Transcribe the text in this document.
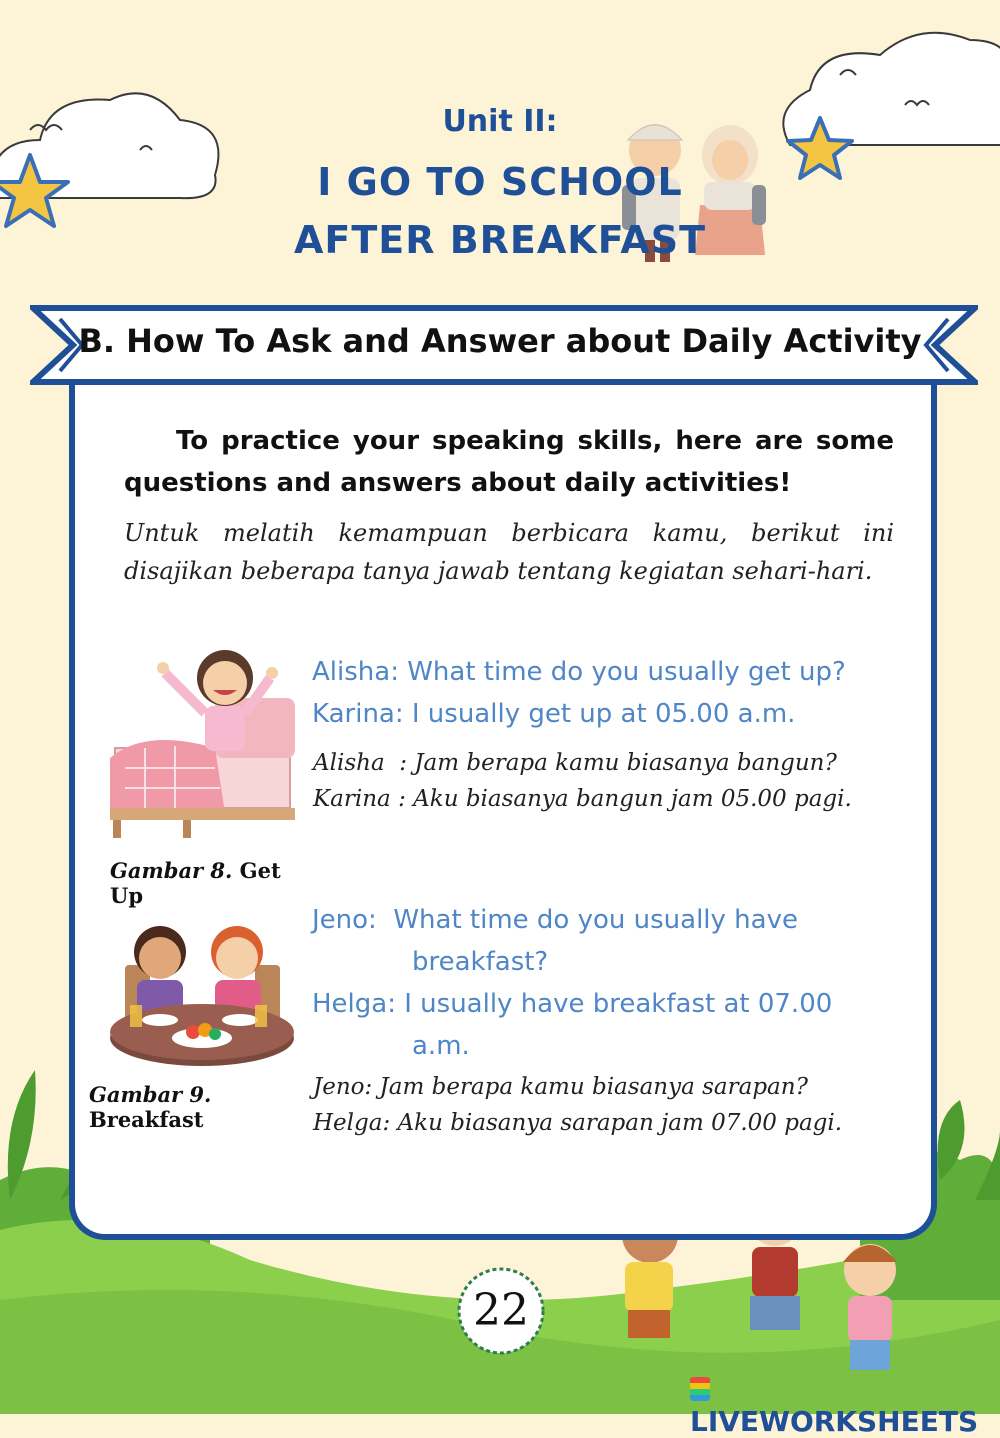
Unit II:
I GO TO SCHOOL
AFTER BREAKFAST
B. How To Ask and Answer about Daily Activity
To practice your speaking skills, here are some questions and answers about daily activities!
Untuk melatih kemampuan berbicara kamu, berikut ini disajikan beberapa tanya jawab tentang kegiatan sehari-hari.
Gambar 8. Get Up
Alisha: What time do you usually get up?
Karina: I usually get up at 05.00 a.m.
Alisha  : Jam berapa kamu biasanya bangun?
Karina : Aku biasanya bangun jam 05.00 pagi.
Gambar 9. Breakfast
Jeno:  What time do you usually have
breakfast?
Helga: I usually have breakfast at 07.00
a.m.
Jeno: Jam berapa kamu biasanya sarapan?
Helga: Aku biasanya sarapan jam 07.00 pagi.
22
LIVEWORKSHEETS
